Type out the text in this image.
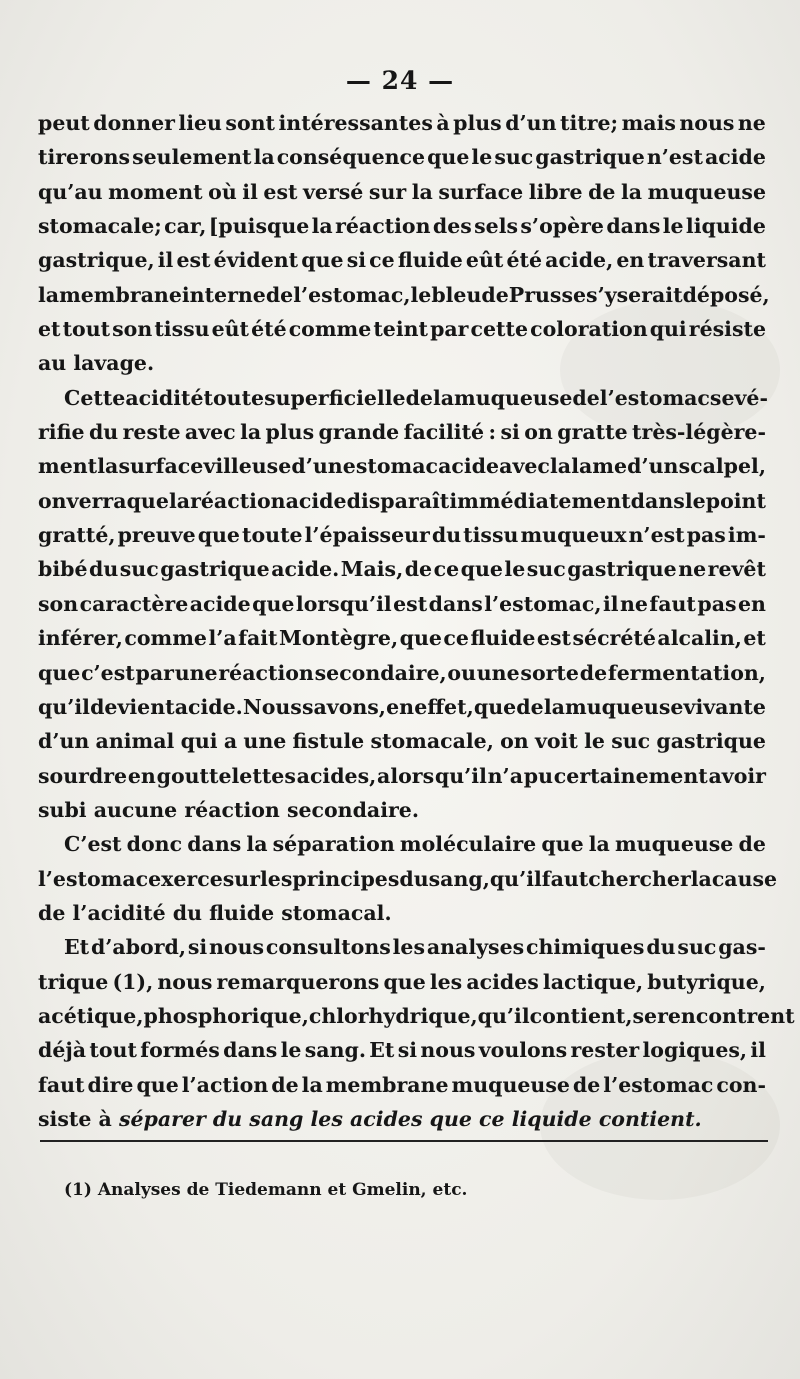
— 24 —
peut donner lieu sont intéressantes à plus d’un titre; mais nous ne
tirerons seulement la conséquence que le suc gastrique n’est acide
qu’au moment où il est versé sur la surface libre de la muqueuse
stomacale; car, [puisque la réaction des sels s’opère dans le liquide
gastrique, il est évident que si ce fluide eût été acide, en traversant
la membrane interne de l’estomac, le bleu de Prusse s’y serait déposé,
et tout son tissu eût été comme teint par cette coloration qui résiste
au lavage.
Cette acidité toute superficielle de la muqueuse de l’estomac se vé-
rifie du reste avec la plus grande facilité : si on gratte très-légère-
ment la surface villeuse d’un estomac acide avec la lame d’un scalpel,
on verra que la réaction acide disparaît immédiatement dans le point
gratté, preuve que toute l’épaisseur du tissu muqueux n’est pas im-
bibé du suc gastrique acide. Mais, de ce que le suc gastrique ne revêt
son caractère acide que lorsqu’il est dans l’estomac, il ne faut pas en
inférer, comme l’a fait Montègre, que ce fluide est sécrété alcalin, et
que c’est par une réaction secondaire, ou une sorte de fermentation,
qu’il devient acide. Nous savons, en effet, que de la muqueuse vivante
d’un animal qui a une fistule stomacale, on voit le suc gastrique
sourdre en gouttelettes acides, alors qu’il n’a pu certainement avoir
subi aucune réaction secondaire.
C’est donc dans la séparation moléculaire que la muqueuse de
l’estomac exerce sur les principes du sang, qu’il faut chercher la cause
de l’acidité du fluide stomacal.
Et d’abord, si nous consultons les analyses chimiques du suc gas-
trique (1), nous remarquerons que les acides lactique, butyrique,
acétique, phosphorique, chlorhydrique, qu’il contient, se rencontrent
déjà tout formés dans le sang. Et si nous voulons rester logiques, il
faut dire que l’action de la membrane muqueuse de l’estomac con-
siste à séparer du sang les acides que ce liquide contient.
(1) Analyses de Tiedemann et Gmelin, etc.
